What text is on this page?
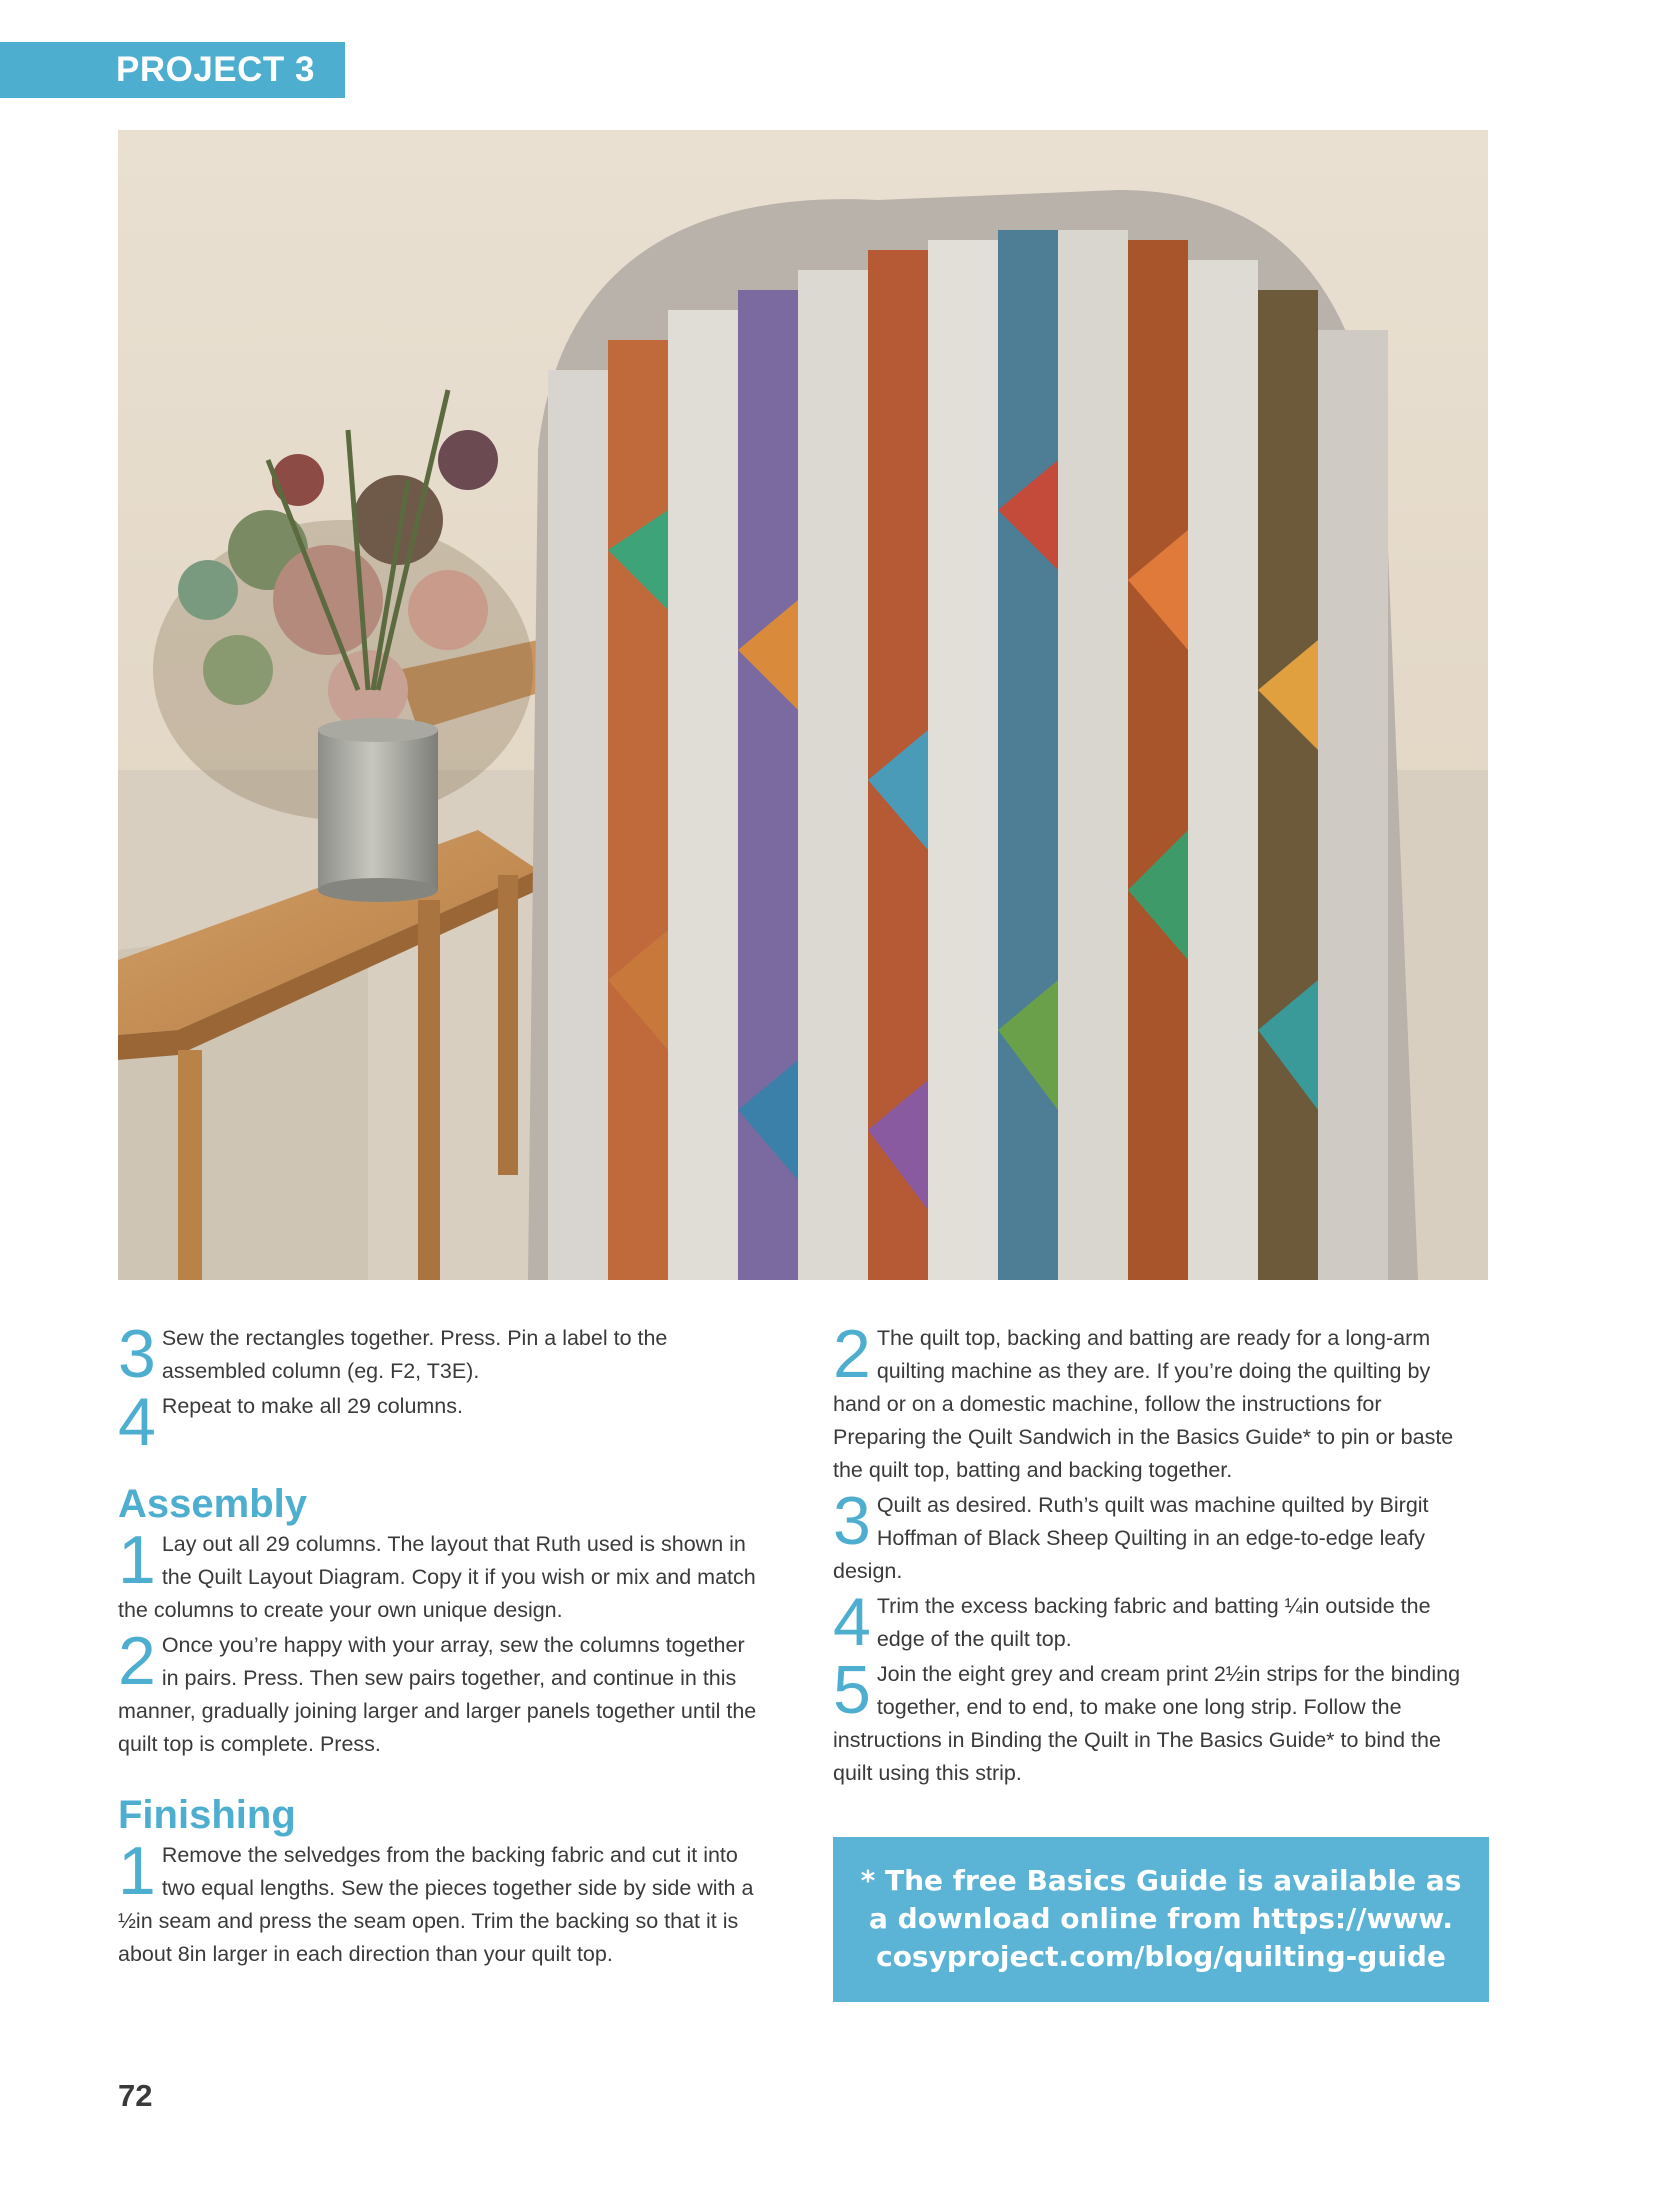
PROJECT 3
3 Sew the rectangles together. Press. Pin a label to the assembled column (eg. F2, T3E).
4 Repeat to make all 29 columns.
Assembly
1 Lay out all 29 columns. The layout that Ruth used is shown in the Quilt Layout Diagram. Copy it if you wish or mix and match the columns to create your own unique design.
2 Once you’re happy with your array, sew the columns together in pairs. Press. Then sew pairs together, and continue in this manner, gradually joining larger and larger panels together until the quilt top is complete. Press.
Finishing
1 Remove the selvedges from the backing fabric and cut it into two equal lengths. Sew the pieces together side by side with a ½in seam and press the seam open. Trim the backing so that it is about 8in larger in each direction than your quilt top.
2 The quilt top, backing and batting are ready for a long-arm quilting machine as they are. If you’re doing the quilting by hand or on a domestic machine, follow the instructions for Preparing the Quilt Sandwich in the Basics Guide* to pin or baste the quilt top, batting and backing together.
3 Quilt as desired. Ruth’s quilt was machine quilted by Birgit Hoffman of Black Sheep Quilting in an edge-to-edge leafy design.
4 Trim the excess backing fabric and batting ¼in outside the edge of the quilt top.
5 Join the eight grey and cream print 2½in strips for the binding together, end to end, to make one long strip. Follow the instructions in Binding the Quilt in The Basics Guide* to bind the quilt using this strip.
* The free Basics Guide is available as
a download online from https://www.
cosyproject.com/blog/quilting-guide
72
